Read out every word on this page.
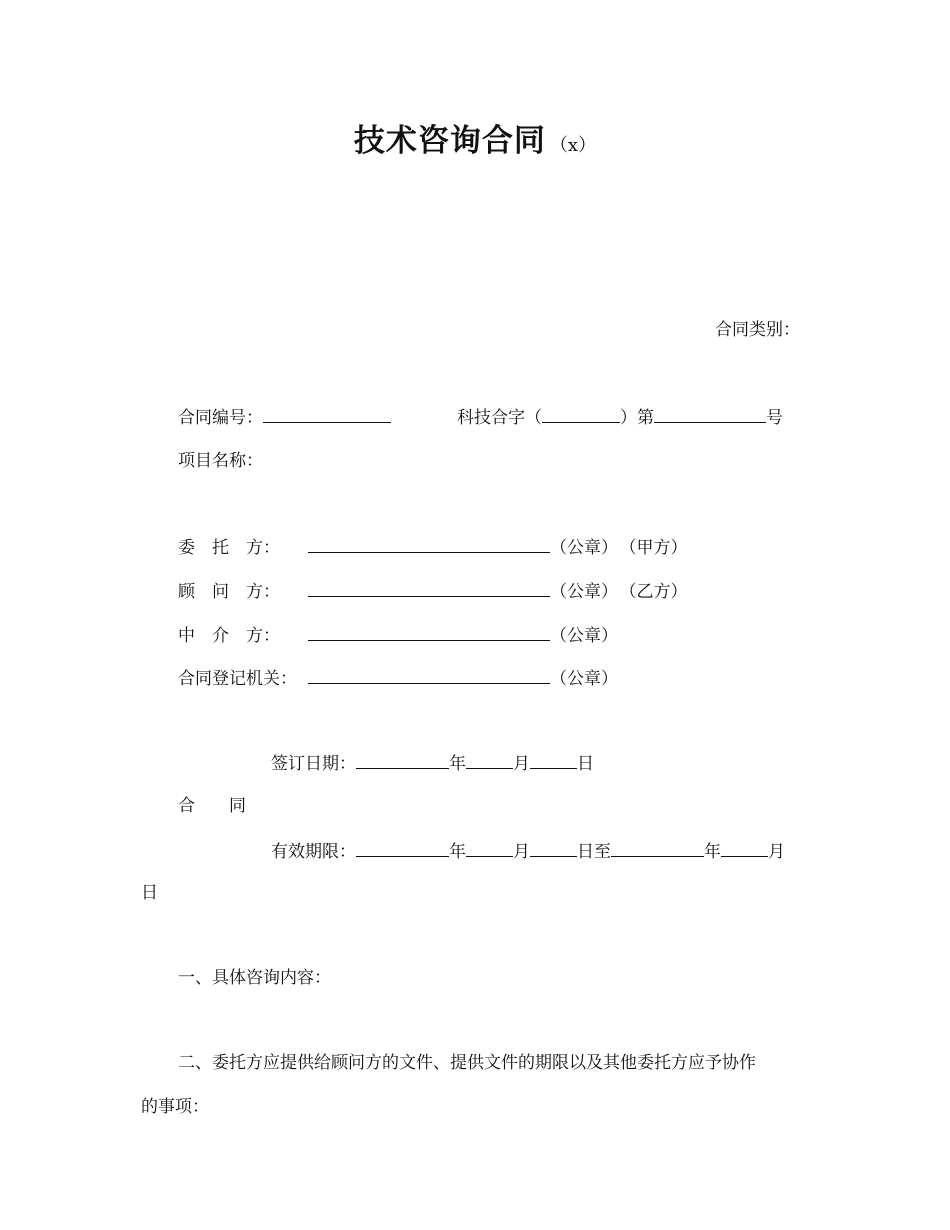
技术咨询合同 （x）
合同类别：
合同编号：	科技合字（	）第	号
项目名称：
委　托　方：	（公章） （甲方）
顾　问　方：	（公章） （乙方）
中　介　方：	（公章）
合同登记机关：	（公章）
签订日期：	年	月	日
合　　同
有效期限：	年	月	日至	年	月
日
一、具体咨询内容：
二、委托方应提供给顾问方的文件、提供文件的期限以及其他委托方应予协作
的事项：
